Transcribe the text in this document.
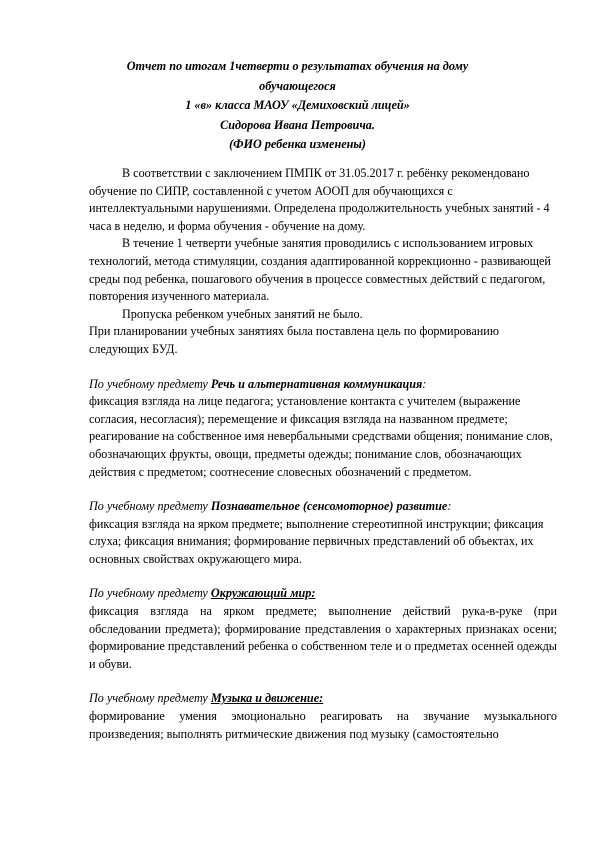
Отчет по итогам 1четверти о результатах обучения на дому
обучающегося
1 «в» класса МАОУ «Демиховский лицей»
Сидорова Ивана Петровича.
(ФИО ребенка изменены)

В соответствии с заключением ПМПК от 31.05.2017 г. ребёнку рекомендовано обучение по СИПР, составленной с учетом АООП для обучающихся с интеллектуальными нарушениями. Определена продолжительность учебных занятий - 4 часа в неделю, и форма обучения - обучение на дому.

В течение 1 четверти учебные занятия проводились с использованием игровых технологий, метода стимуляции, создания адаптированной коррекционно - развивающей среды под ребенка, пошагового обучения в процессе совместных действий с педагогом, повторения изученного материала.

Пропуска ребенком учебных занятий не было.

При планировании учебных занятиях была поставлена цель по формированию следующих БУД.

По учебному предмету Речь и альтернативная коммуникация:

фиксация взгляда на лице педагога; установление контакта с учителем (выражение согласия, несогласия); перемещение и фиксация взгляда на названном предмете; реагирование на собственное имя невербальными средствами общения; понимание слов, обозначающих фрукты, овощи, предметы одежды; понимание слов, обозначающих действия с предметом; соотнесение словесных обозначений с предметом.

По учебному предмету Познавательное (сенсомоторное) развитие:

фиксация взгляда на ярком предмете; выполнение стереотипной инструкции; фиксация слуха; фиксация внимания; формирование первичных представлений об объектах, их основных свойствах окружающего мира.

По учебному предмету Окружающий мир:

фиксация взгляда на ярком предмете; выполнение действий рука-в-руке (при обследовании предмета); формирование представления о характерных признаках осени; формирование представлений ребенка о собственном теле и о предметах осенней одежды и обуви.

По учебному предмету Музыка и движение:

формирование умения эмоционально реагировать на звучание музыкального произведения; выполнять ритмические движения под музыку (самостоятельно
